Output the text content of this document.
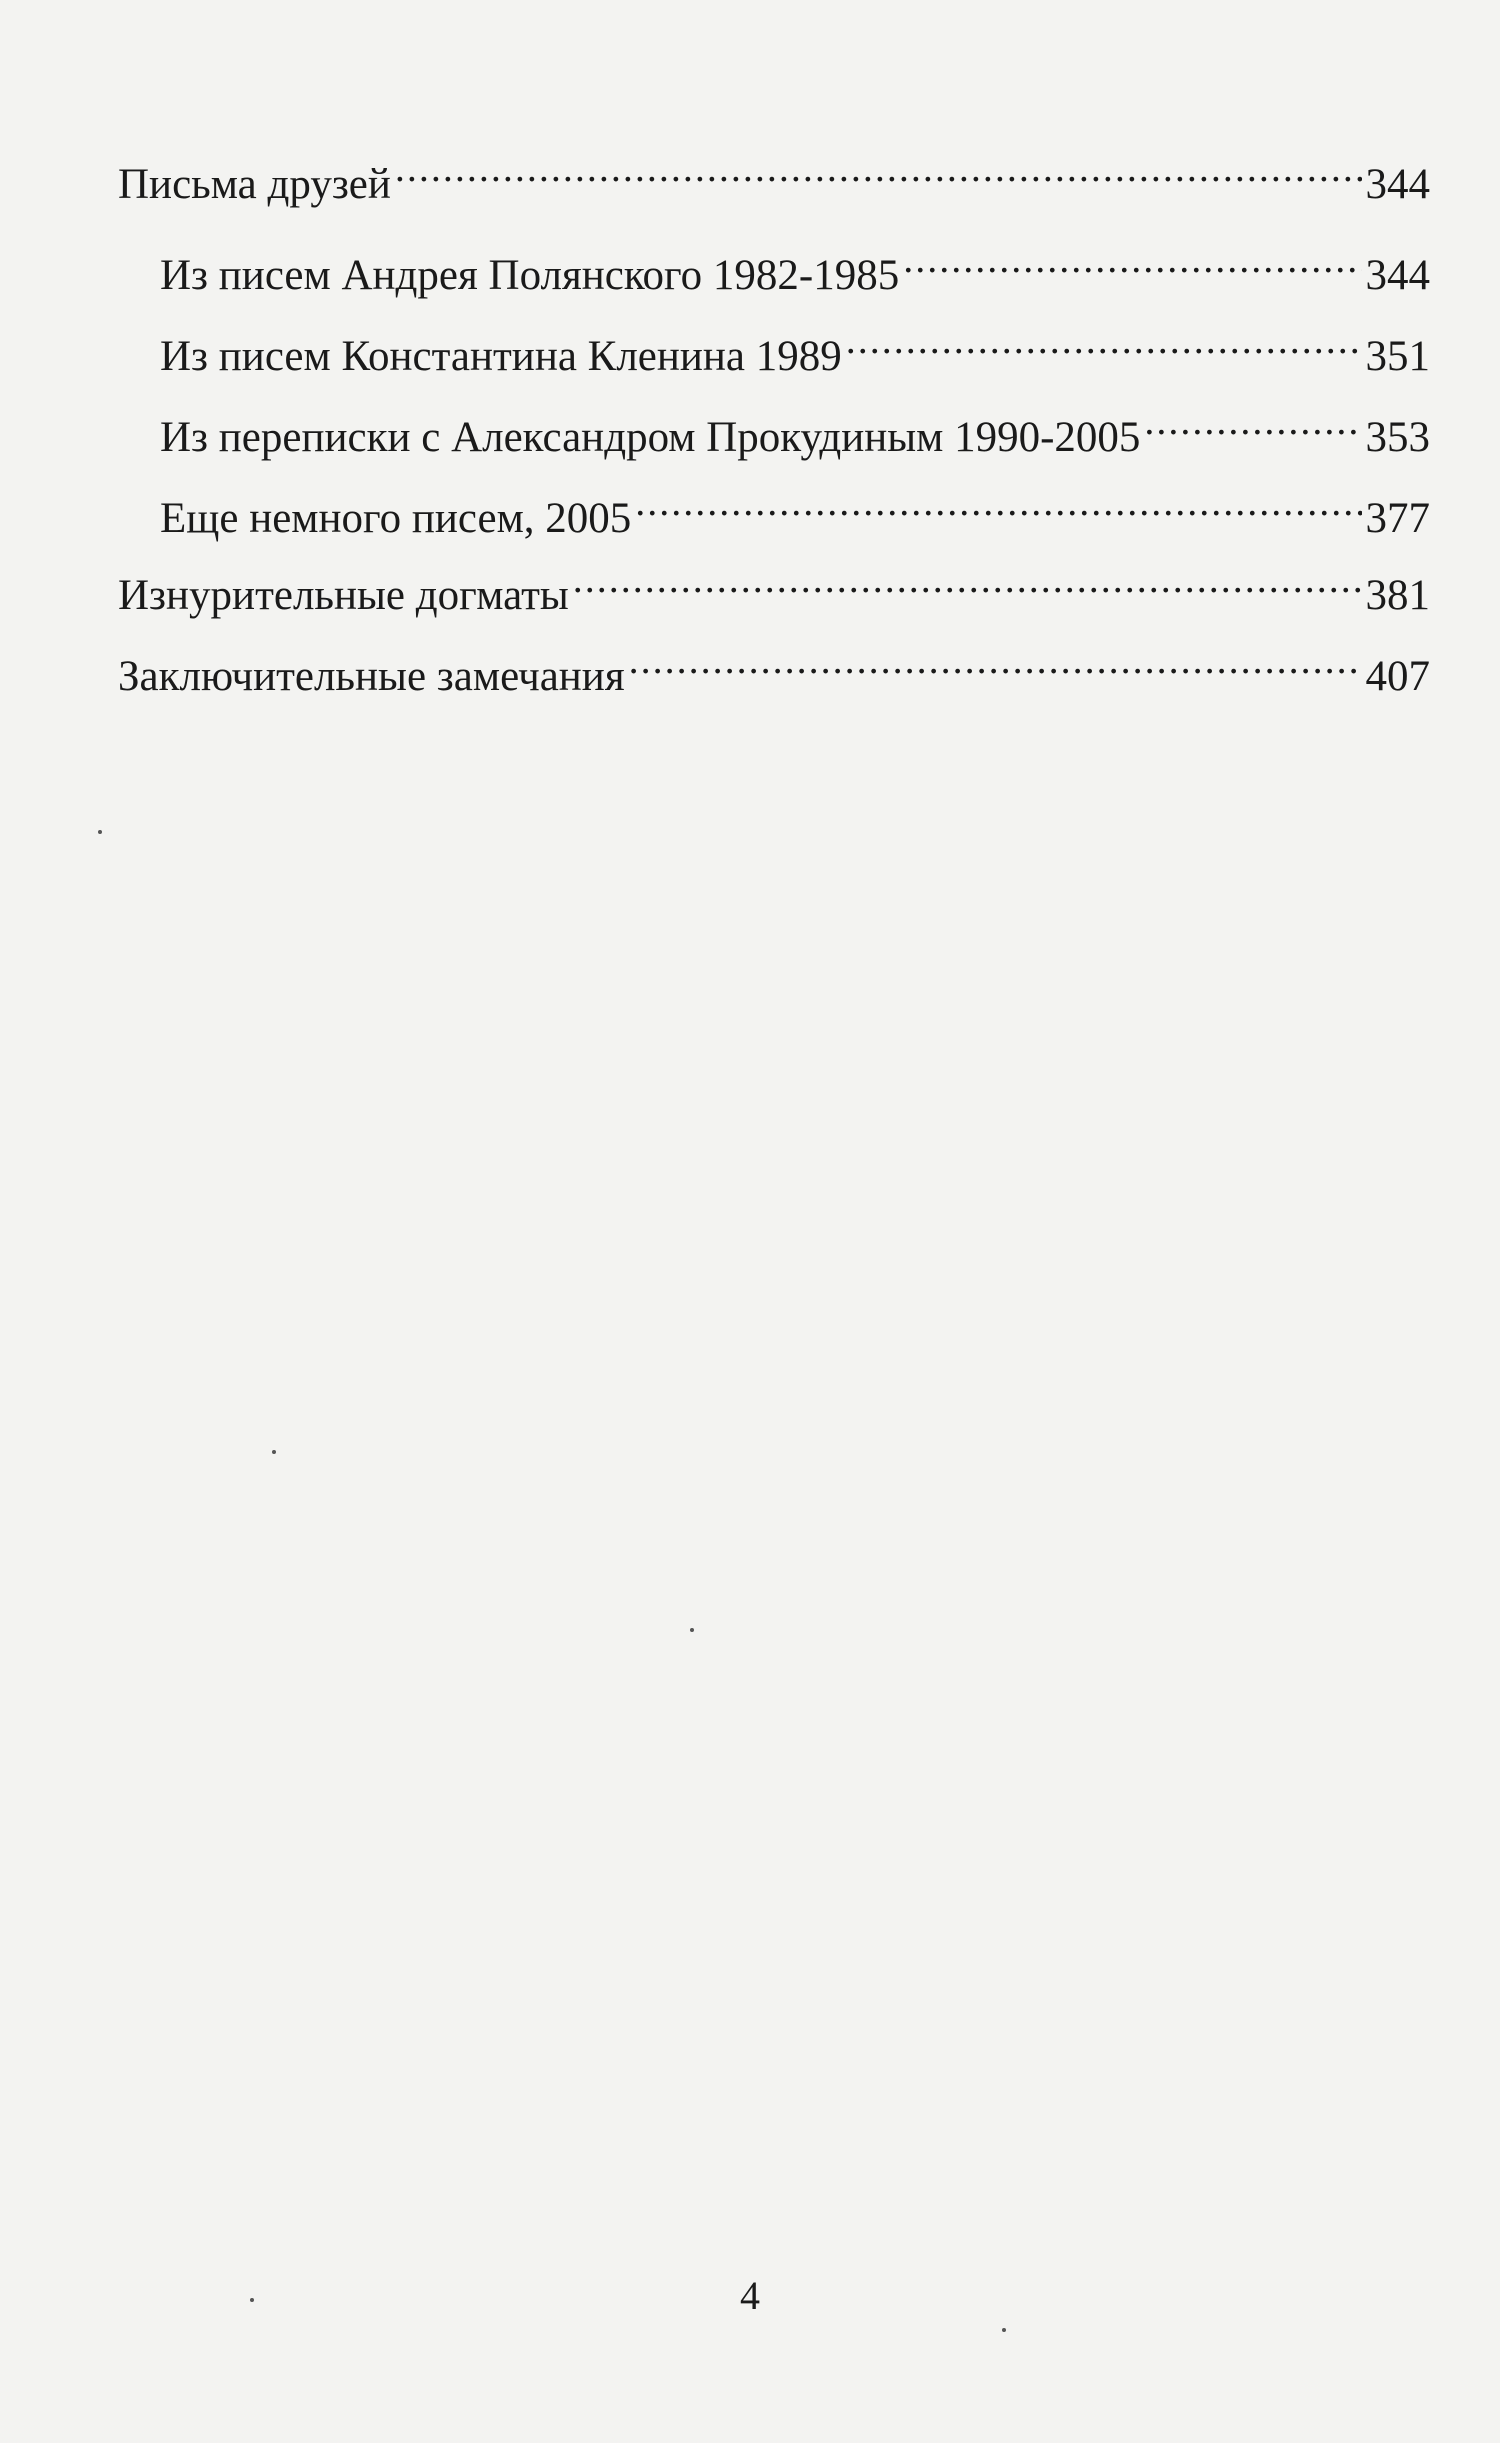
Письма друзей .....	344
Из писем Андрея Полянского 1982-1985 .....	344
Из писем Константина Кленина 1989 .....	351
Из переписки с Александром Прокудиным 1990-2005 .....	353
Еще немного писем, 2005 .....	377
Изнурительные догматы .....	381
Заключительные замечания .....	407
4
